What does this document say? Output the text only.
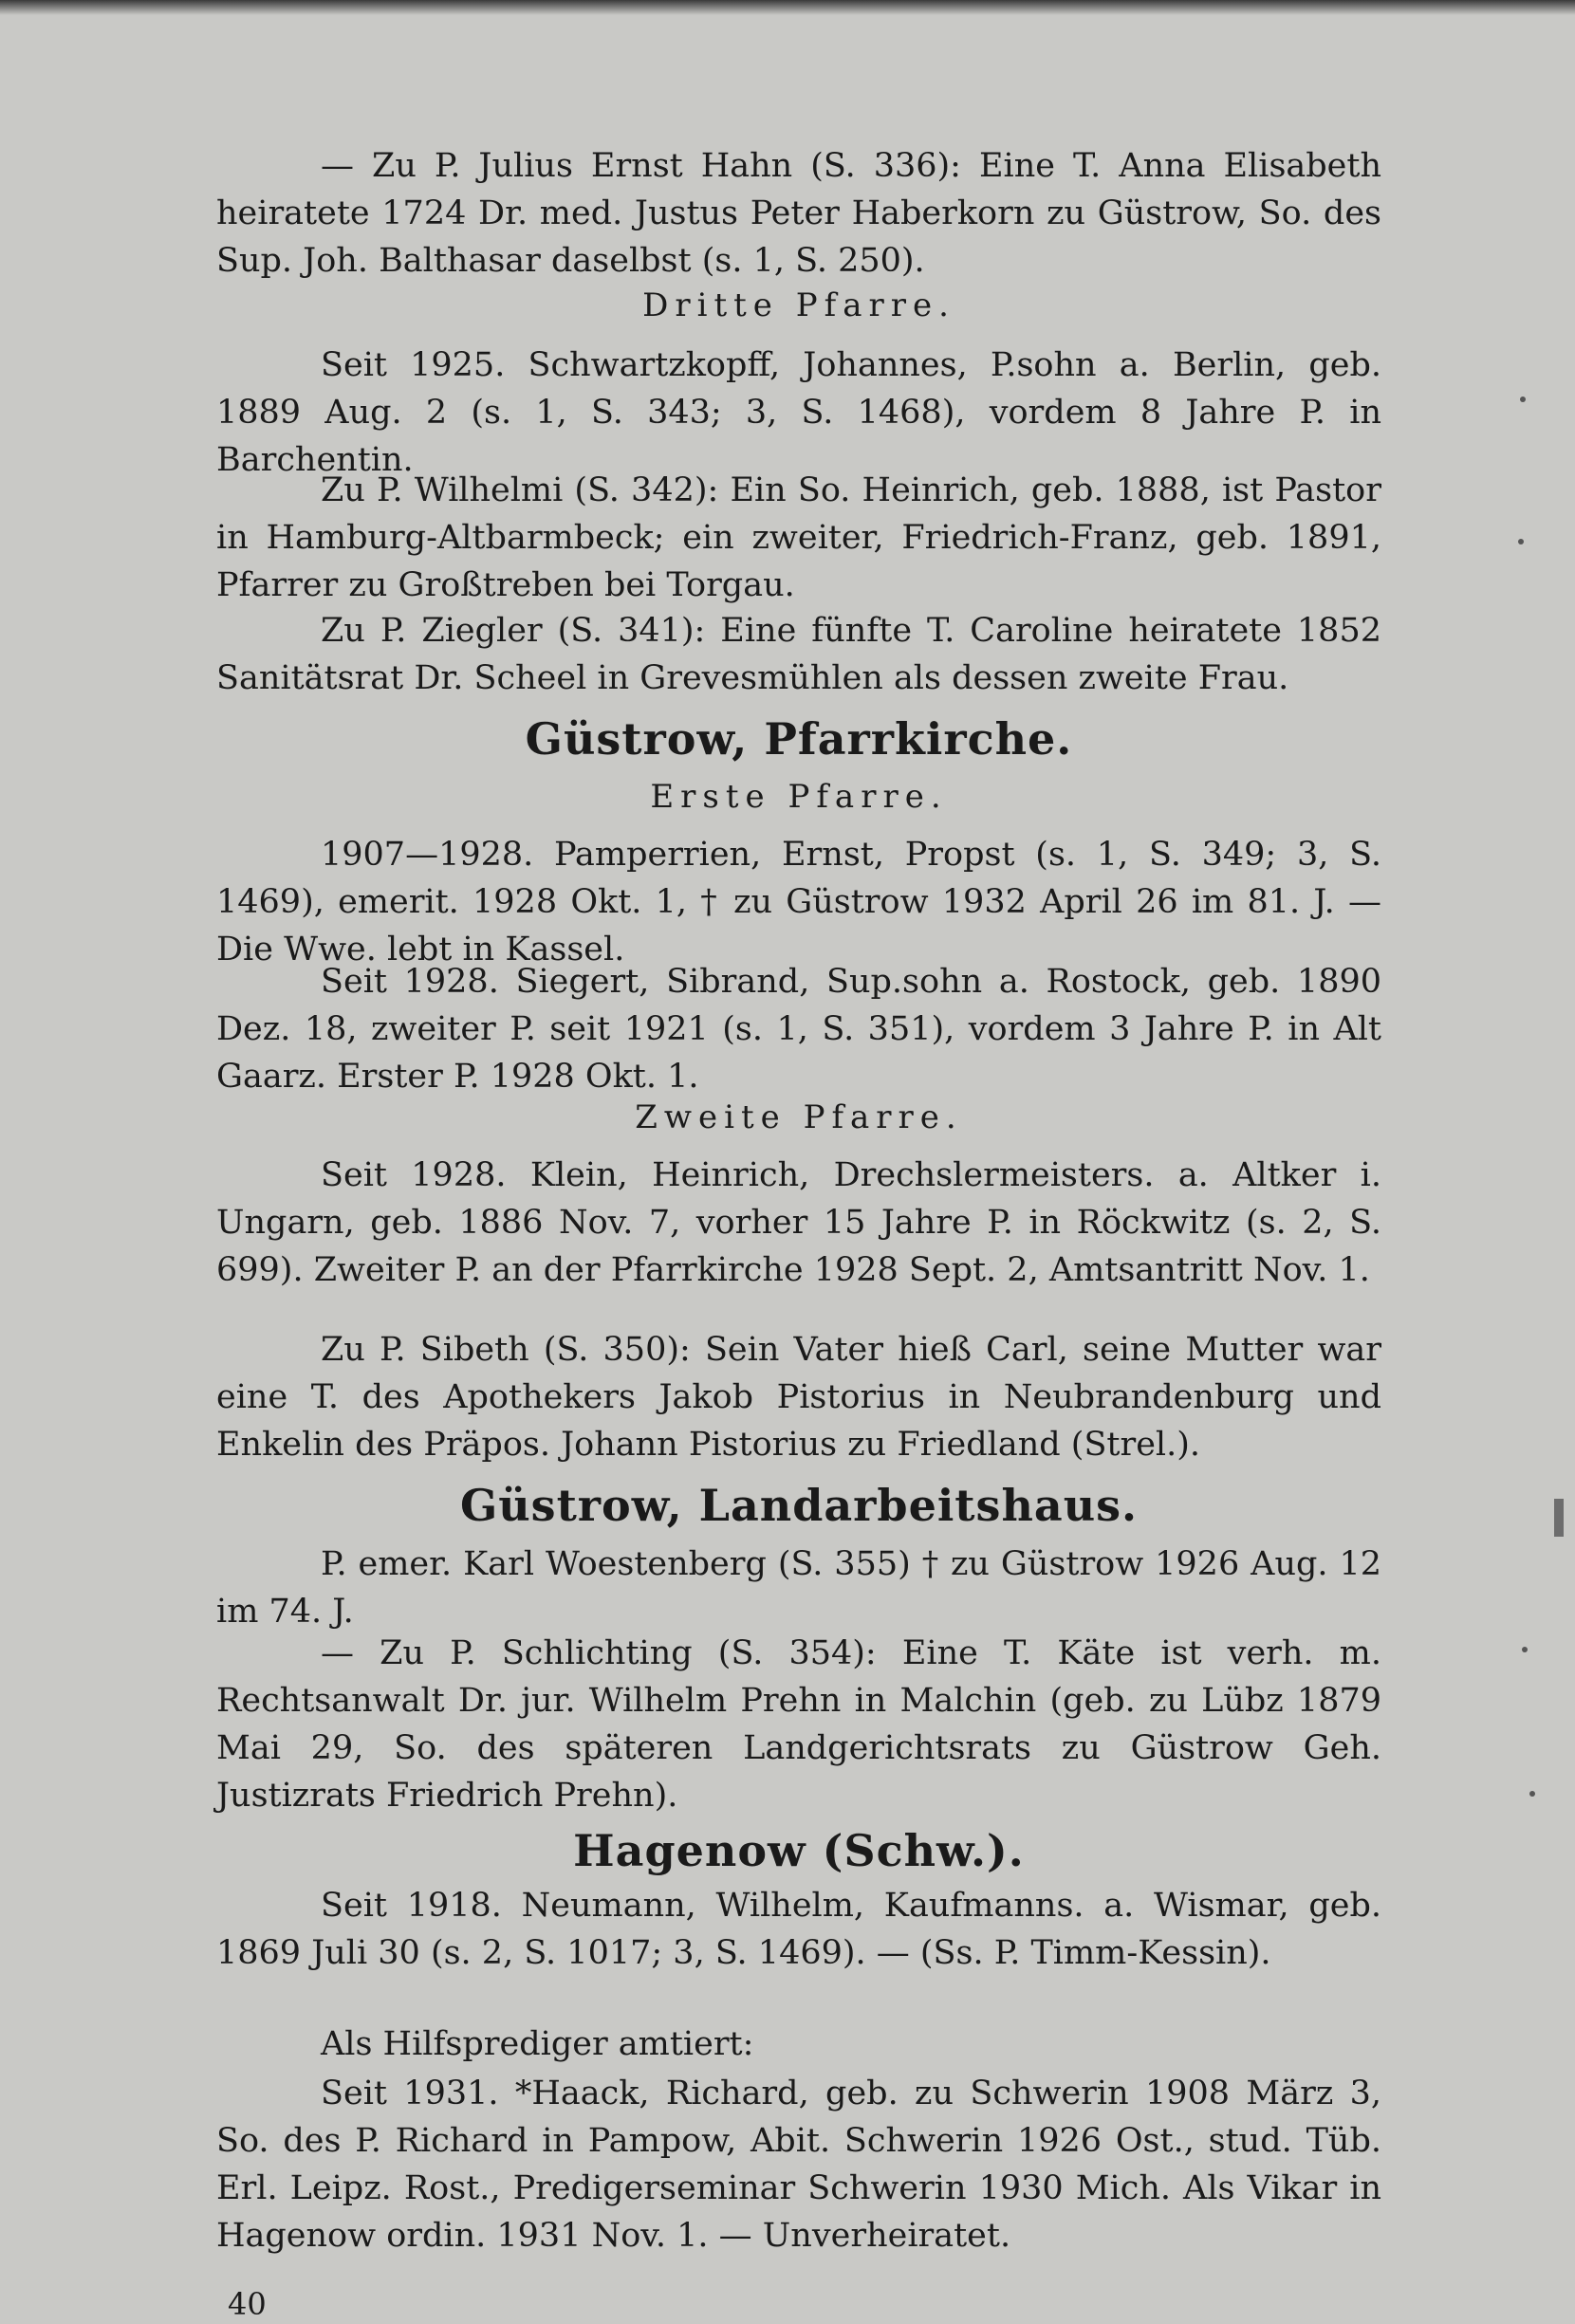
— Zu P. Julius Ernst Hahn (S. 336): Eine T. Anna Elisabeth heiratete 1724 Dr. med. Justus Peter Haberkorn zu Güstrow, So. des Sup. Joh. Balthasar daselbst (s. 1, S. 250).

Dritte Pfarre.

Seit 1925. Schwartzkopff, Johannes, P.sohn a. Berlin, geb. 1889 Aug. 2 (s. 1, S. 343; 3, S. 1468), vordem 8 Jahre P. in Barchentin.

Zu P. Wilhelmi (S. 342): Ein So. Heinrich, geb. 1888, ist Pastor in Hamburg-Altbarmbeck; ein zweiter, Friedrich-Franz, geb. 1891, Pfarrer zu Großtreben bei Torgau.

Zu P. Ziegler (S. 341): Eine fünfte T. Caroline heiratete 1852 Sanitätsrat Dr. Scheel in Grevesmühlen als dessen zweite Frau.

Güstrow, Pfarrkirche.

Erste Pfarre.

1907—1928. Pamperrien, Ernst, Propst (s. 1, S. 349; 3, S. 1469), emerit. 1928 Okt. 1, † zu Güstrow 1932 April 26 im 81. J. — Die Wwe. lebt in Kassel.

Seit 1928. Siegert, Sibrand, Sup.sohn a. Rostock, geb. 1890 Dez. 18, zweiter P. seit 1921 (s. 1, S. 351), vordem 3 Jahre P. in Alt Gaarz. Erster P. 1928 Okt. 1.

Zweite Pfarre.

Seit 1928. Klein, Heinrich, Drechslermeisters. a. Altker i. Ungarn, geb. 1886 Nov. 7, vorher 15 Jahre P. in Röckwitz (s. 2, S. 699). Zweiter P. an der Pfarrkirche 1928 Sept. 2, Amtsantritt Nov. 1.

Zu P. Sibeth (S. 350): Sein Vater hieß Carl, seine Mutter war eine T. des Apothekers Jakob Pistorius in Neubrandenburg und Enkelin des Präpos. Johann Pistorius zu Friedland (Strel.).

Güstrow, Landarbeitshaus.

P. emer. Karl Woestenberg (S. 355) † zu Güstrow 1926 Aug. 12 im 74. J.

— Zu P. Schlichting (S. 354): Eine T. Käte ist verh. m. Rechtsanwalt Dr. jur. Wilhelm Prehn in Malchin (geb. zu Lübz 1879 Mai 29, So. des späteren Landgerichtsrats zu Güstrow Geh. Justizrats Friedrich Prehn).

Hagenow (Schw.).

Seit 1918. Neumann, Wilhelm, Kaufmanns. a. Wismar, geb. 1869 Juli 30 (s. 2, S. 1017; 3, S. 1469). — (Ss. P. Timm-Kessin).

Als Hilfsprediger amtiert:

Seit 1931. *Haack, Richard, geb. zu Schwerin 1908 März 3, So. des P. Richard in Pampow, Abit. Schwerin 1926 Ost., stud. Tüb. Erl. Leipz. Rost., Predigerseminar Schwerin 1930 Mich. Als Vikar in Hagenow ordin. 1931 Nov. 1. — Unverheiratet.

40
